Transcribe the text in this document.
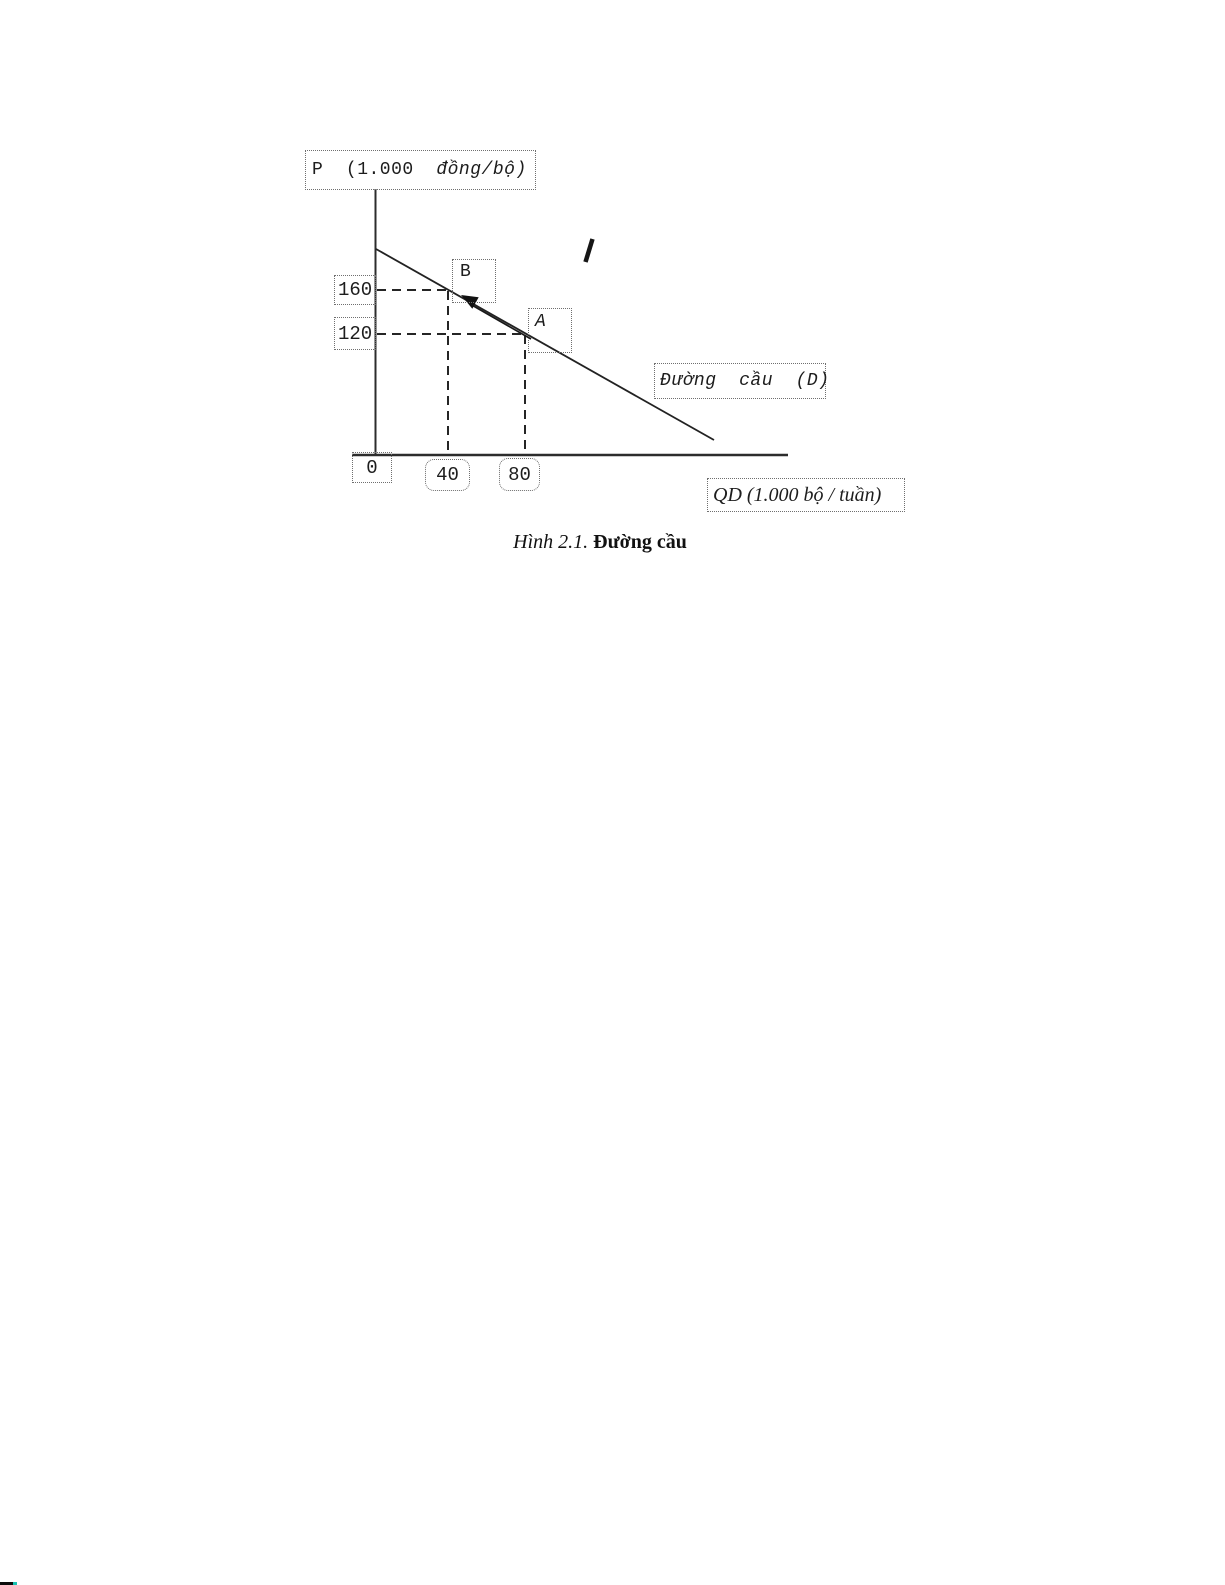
P  (1.000 đồng/bộ)
160
120
B
A
0	40	80
Đường  cầu  (D)
QD (1.000 bộ / tuần)

Hình 2.1. Đường cầu
